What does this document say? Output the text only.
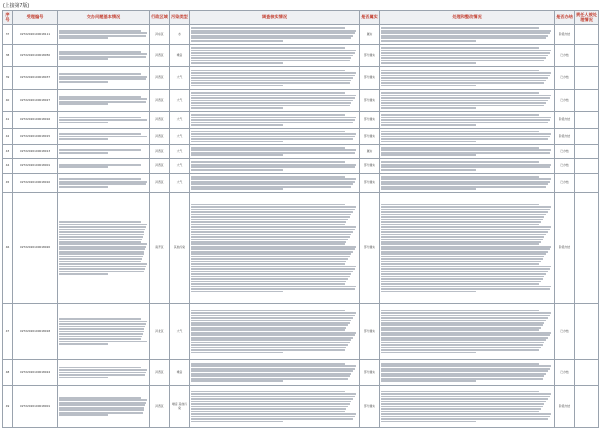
(上接第7版)
序号	受理编号	交办问题基本情况	行政区域	污染类型	调查核实情况	是否属实	处理和整改情况	是否办结	责任人被处理情况
37	X2T22020100018111		河东区	水		属实		阶段办结	
38	X2T22020100018050		河西区	噪音		部分属实		已办结	
39	X2T22020100018037		河西区	大气		部分属实		已办结	
40	X2T22020100018027		河西区	大气		部分属实		已办结	
41	X2T22020100018016		河西区	大气		部分属实		阶段办结	
42	X2T22020100018015		河西区	大气		部分属实		阶段办结	
43	X2T22020100018013		河西区	大气		属实		已办结	
44	X2T22020100018001		河西区	大气		部分属实		已办结	
45	X2T22020100018010		河西区	大气		部分属实		已办结	
46	X2T22020100018020		南开区	其他污染		部分属实		阶段办结	
47	X2T22020100018018		河北区	大气		部分属实		已办结	
48	X2T22020100018024		河西区	噪音		部分属实		已办结	
49	X2T22020100018001		河西区	噪音 其他污染		部分属实		阶段办结	
